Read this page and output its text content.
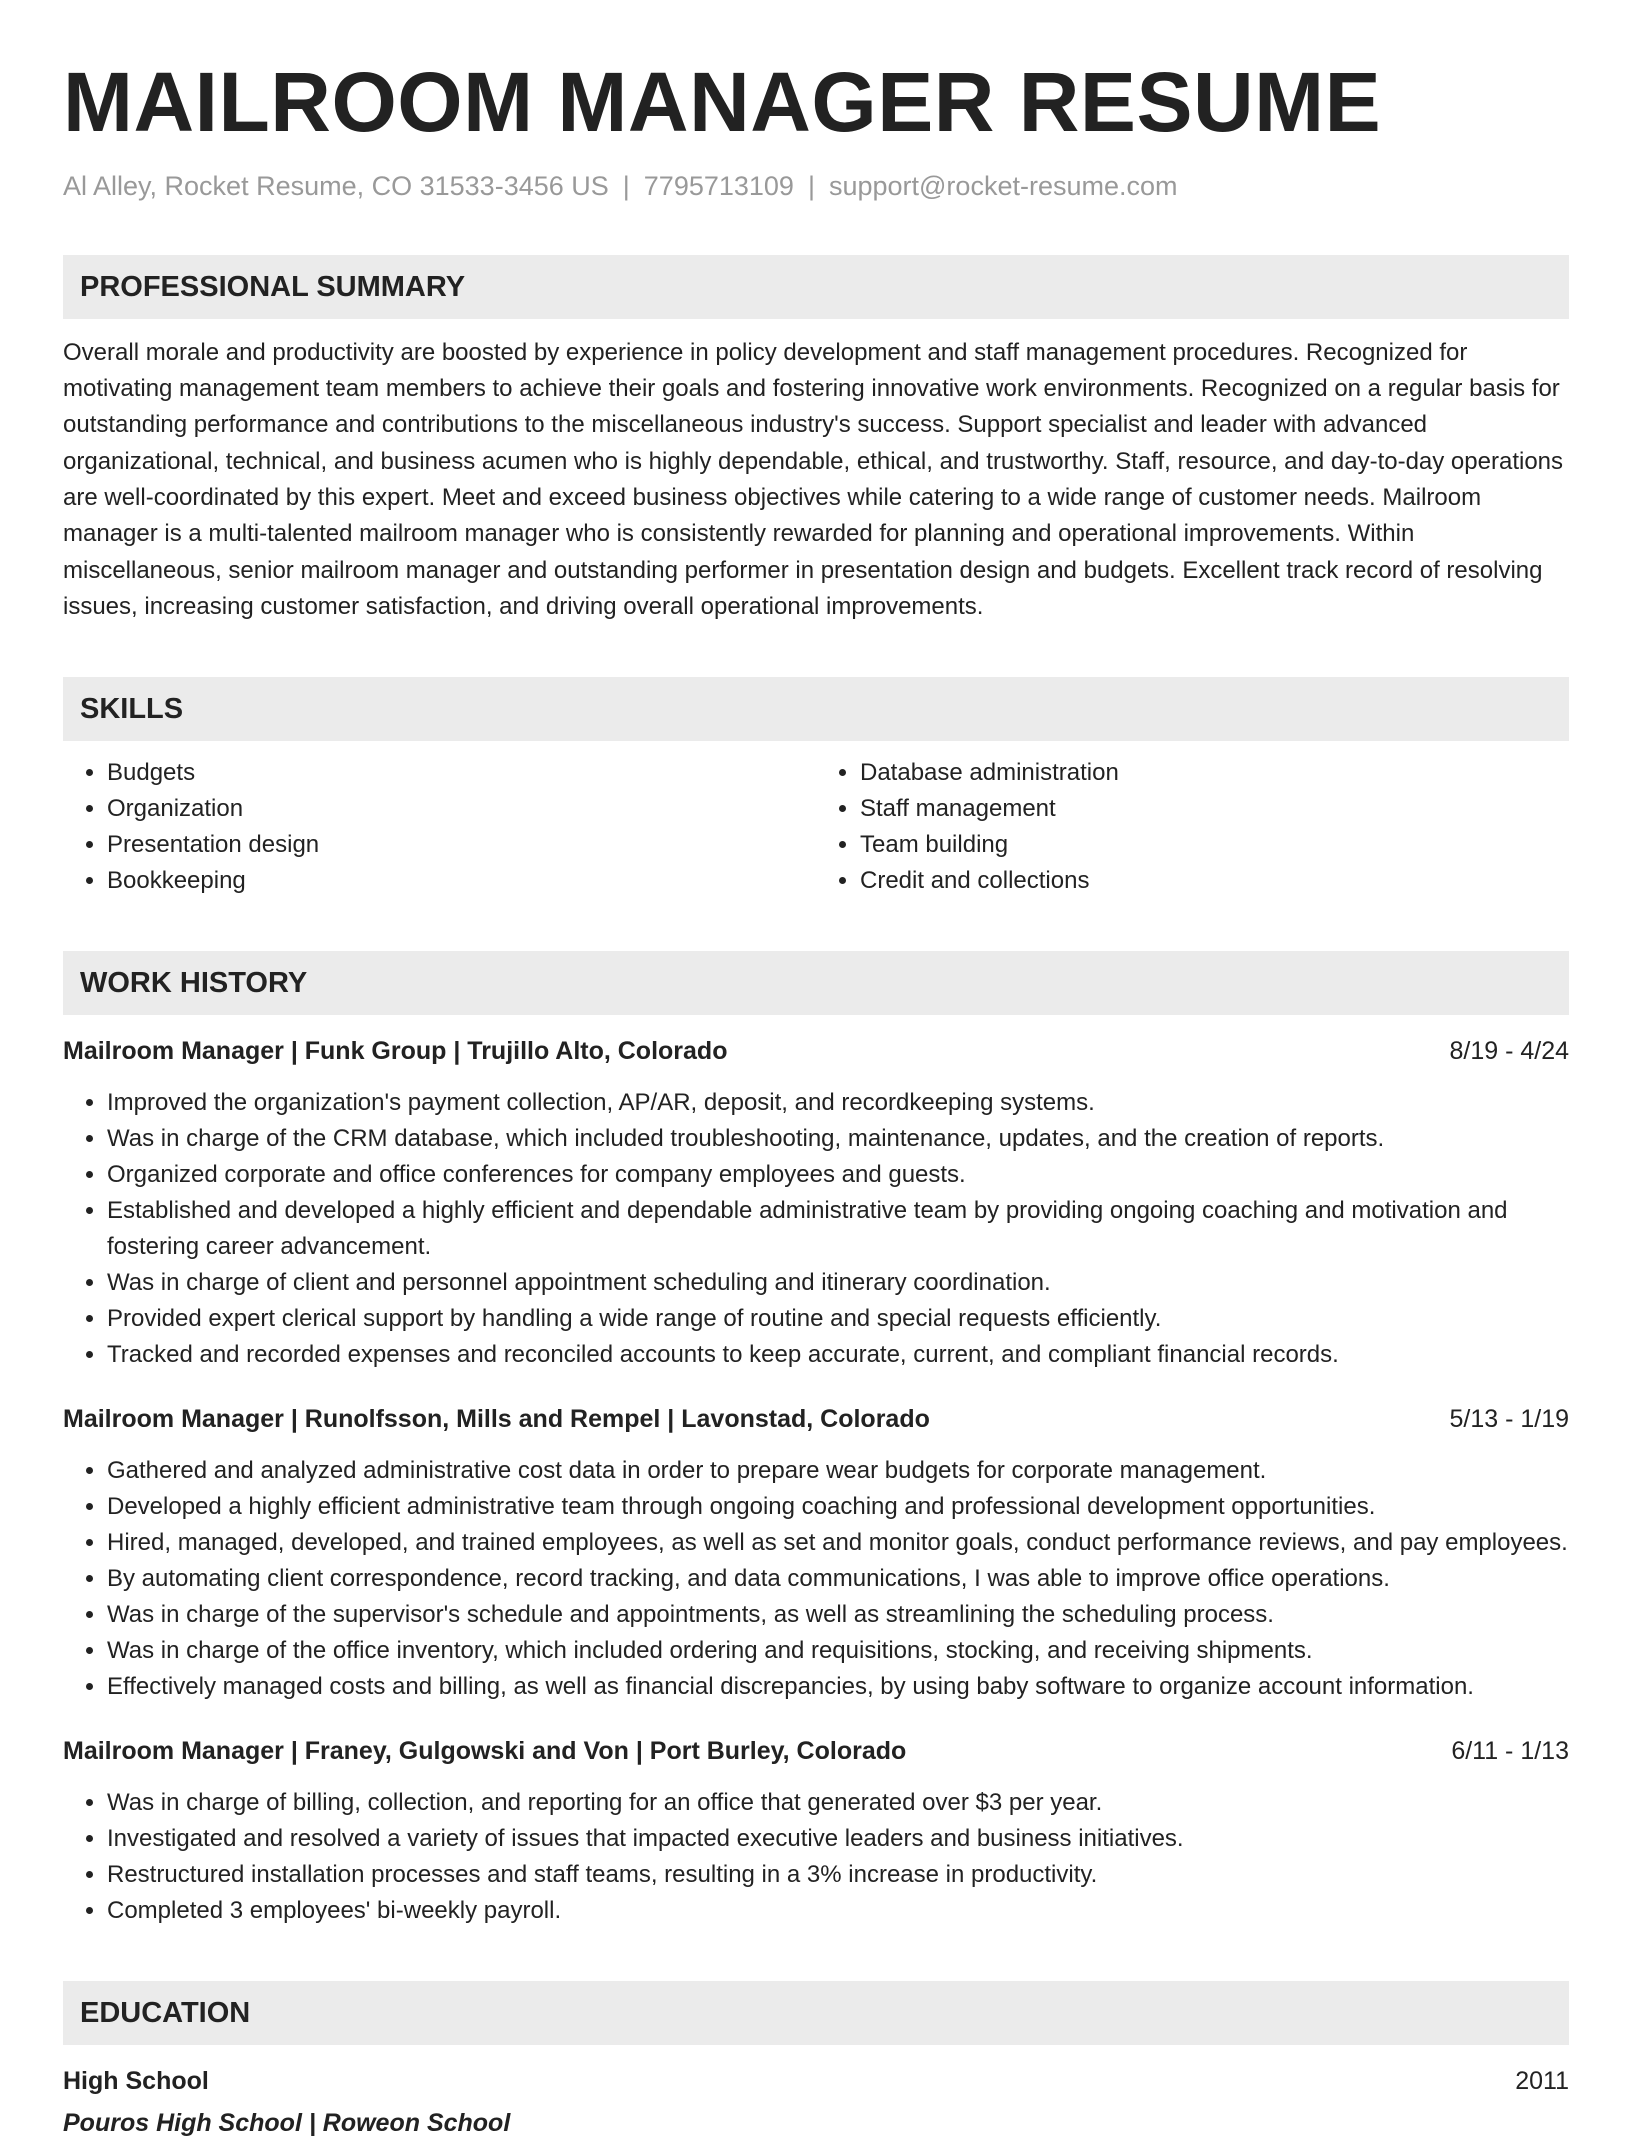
MAILROOM MANAGER RESUME
Al Alley, Rocket Resume, CO 31533-3456 US | 7795713109 | support@rocket-resume.com
PROFESSIONAL SUMMARY

Overall morale and productivity are boosted by experience in policy development and staff management procedures. Recognized for motivating management team members to achieve their goals and fostering innovative work environments. Recognized on a regular basis for outstanding performance and contributions to the miscellaneous industry's success. Support specialist and leader with advanced organizational, technical, and business acumen who is highly dependable, ethical, and trustworthy. Staff, resource, and day-to-day operations are well-coordinated by this expert. Meet and exceed business objectives while catering to a wide range of customer needs. Mailroom manager is a multi-talented mailroom manager who is consistently rewarded for planning and operational improvements. Within miscellaneous, senior mailroom manager and outstanding performer in presentation design and budgets. Excellent track record of resolving issues, increasing customer satisfaction, and driving overall operational improvements.

SKILLS
• Budgets
• Organization
• Presentation design
• Bookkeeping
• Database administration
• Staff management
• Team building
• Credit and collections
WORK HISTORY
Mailroom Manager | Funk Group | Trujillo Alto, Colorado	8/19 - 4/24
• Improved the organization's payment collection, AP/AR, deposit, and recordkeeping systems.
• Was in charge of the CRM database, which included troubleshooting, maintenance, updates, and the creation of reports.
• Organized corporate and office conferences for company employees and guests.
• Established and developed a highly efficient and dependable administrative team by providing ongoing coaching and motivation and fostering career advancement.
• Was in charge of client and personnel appointment scheduling and itinerary coordination.
• Provided expert clerical support by handling a wide range of routine and special requests efficiently.
• Tracked and recorded expenses and reconciled accounts to keep accurate, current, and compliant financial records.
Mailroom Manager | Runolfsson, Mills and Rempel | Lavonstad, Colorado	5/13 - 1/19
• Gathered and analyzed administrative cost data in order to prepare wear budgets for corporate management.
• Developed a highly efficient administrative team through ongoing coaching and professional development opportunities.
• Hired, managed, developed, and trained employees, as well as set and monitor goals, conduct performance reviews, and pay employees.
• By automating client correspondence, record tracking, and data communications, I was able to improve office operations.
• Was in charge of the supervisor's schedule and appointments, as well as streamlining the scheduling process.
• Was in charge of the office inventory, which included ordering and requisitions, stocking, and receiving shipments.
• Effectively managed costs and billing, as well as financial discrepancies, by using baby software to organize account information.
Mailroom Manager | Franey, Gulgowski and Von | Port Burley, Colorado	6/11 - 1/13
• Was in charge of billing, collection, and reporting for an office that generated over $3 per year.
• Investigated and resolved a variety of issues that impacted executive leaders and business initiatives.
• Restructured installation processes and staff teams, resulting in a 3% increase in productivity.
• Completed 3 employees' bi-weekly payroll.
EDUCATION
High School	2011
Pouros High School | Roweon School
